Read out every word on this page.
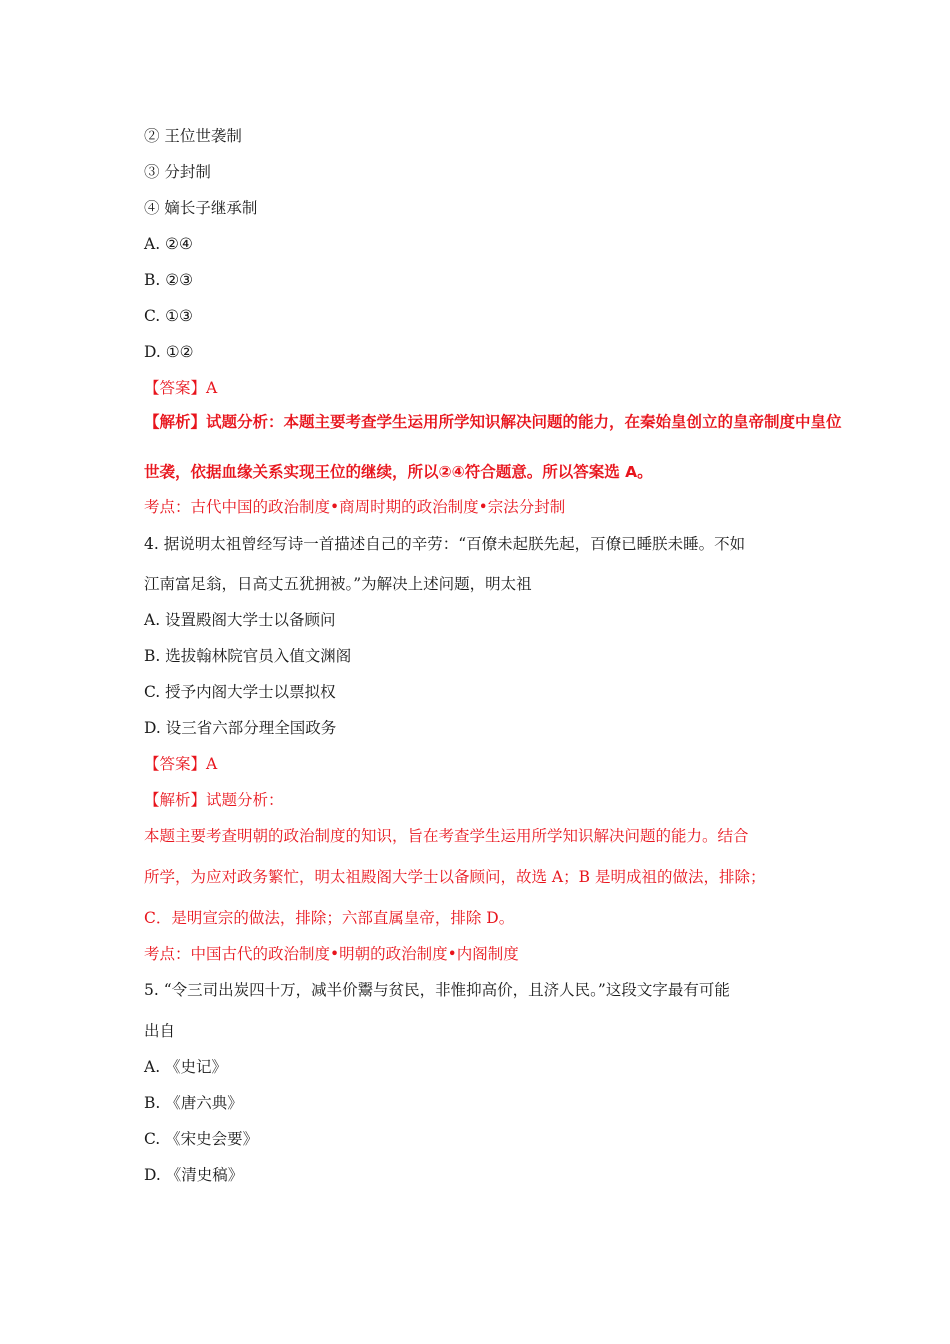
② 王位世袭制
③ 分封制
④ 嫡长子继承制
A. ②④
B. ②③
C. ①③
D. ①②
【答案】A
【解析】试题分析：本题主要考查学生运用所学知识解决问题的能力，在秦始皇创立的皇帝制度中皇位
世袭，依据血缘关系实现王位的继续，所以②④符合题意。所以答案选 A。
考点：古代中国的政治制度•商周时期的政治制度•宗法分封制
4. 据说明太祖曾经写诗一首描述自己的辛劳：“百僚未起朕先起，百僚已睡朕未睡。不如
江南富足翁，日高丈五犹拥被。”为解决上述问题，明太祖
A. 设置殿阁大学士以备顾问
B. 选拔翰林院官员入值文渊阁
C. 授予内阁大学士以票拟权
D. 设三省六部分理全国政务
【答案】A
【解析】试题分析：
本题主要考查明朝的政治制度的知识，旨在考查学生运用所学知识解决问题的能力。结合
所学，为应对政务繁忙，明太祖殿阁大学士以备顾问，故选 A；B 是明成祖的做法，排除；
C．是明宣宗的做法，排除；六部直属皇帝，排除 D。
考点：中国古代的政治制度•明朝的政治制度•内阁制度
5. “令三司出炭四十万，减半价鬻与贫民，非惟抑高价，且济人民。”这段文字最有可能
出自
A. 《史记》
B. 《唐六典》
C. 《宋史会要》
D. 《清史稿》
